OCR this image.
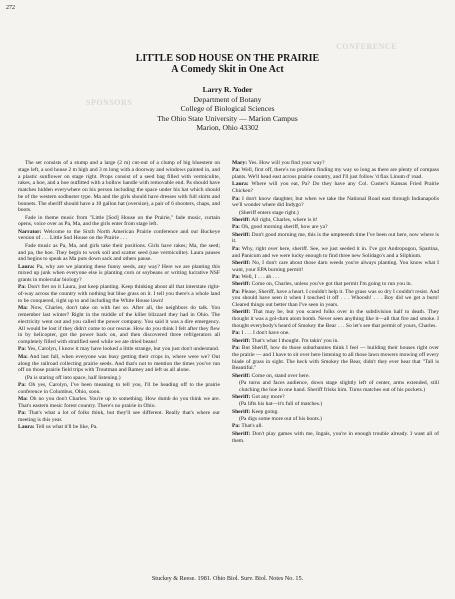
272
SPONSORS
CONFERENCE

LITTLE SOD HOUSE ON THE PRAIRIE

A Comedy Skit in One Act

Larry R. Yoder
Department of Botany
College of Biological Sciences
The Ohio State University — Marion Campus
Marion, Ohio 43302

The set consists of a stump and a large (2 m) cut-out of a clump of big bluestem on stage left, a sod house 2 m high and 3 m long with a doorway and windows painted in, and a plastic sunflower on stage right. Props consist of a seed bag filled with vermiculite, rakes, a hoe, and a hoe outfitted with a hollow handle with removable end. Pa should have matches hidden everywhere on his person including the space under his hat which should be of the western sodbuster type. Ma and the girls should have dresses with full skirts and bonnets. The sheriff should have a 10 gallon hat (oversize), a pair of 6 shooters, chaps, and boots.

Fade in theme music from "Little [Sod] House on the Prairie," fade music, curtain opens, voice over as Pa, Ma, and the girls enter from stage left.

Narrator: Welcome to the Sixth North American Prairie conference and our Buckeye version of . . . Little Sod House on the Prairie . . .

Fade music as Pa, Ma, and girls take their positions. Girls have rakes; Ma, the seed; and pa, the hoe. They begin to work soil and scatter seed (use vermiculite). Laura pauses and begins to speak as Ma puts down sack and others pause.

Laura: Pa, why are we planting these funny seeds, any way? Here we are planting this mixed up junk when everyone else is planting corn or soybeans or writing lucrative NSF grants in molecular biology?

Pa: Don't fret on it Laura, just keep planting. Keep thinking about all that interstate right-of-way across the country with nothing but blue grass on it. I tell you there's a whole land to be conquered, right up to and including the White House lawn!

Ma: Now, Charles, don't take on with her so. After all, the neighbors do talk. You remember last winter? Right in the middle of the killer blizzard they had in Ohio. The electricity went out and you called the power company. You said it was a dire emergency. All would be lost if they didn't come to our rescue. How do you think I felt after they flew in by helicopter, got the power back on, and then discovered three refrigerators all completely filled with stratified seed while we ate dried beans!

Pa: Yes, Carolyn, I know it may have looked a little strange, but you just don't understand.

Ma: And last fall, when everyone was busy getting their crops in, where were we? Out along the railroad collecting prairie seeds. And that's not to mention the times you've run off on those prairie field trips with Troutman and Ramey and left us all alone.

(Pa is staring off into space, half listening.)

Pa: Oh yes, Carolyn, I've been meaning to tell you, I'll be heading off to the prairie conference in Columbus, Ohio, soon.

Ma: Oh no you don't Charles. You're up to something. How dumb do you think we are. That's eastern mesic forest country. There's no prairie in Ohio.

Pa: That's what a lot of folks think, but they'll see different. Really that's where our meeting is this year.

Laura: Tell us what it'll be like, Pa.

Mary: Yes. How will you find your way?

Pa: Well, first off, there's no problem finding my way so long as there are plenty of compass plants. We'll head east across prairie country, and I'll just follow 'd flax Linum d' road.

Laura: Where will you eat, Pa? Do they have any Col. Custer's Kansas Fried Prairie Chicken?

Pa: I don't know daughter, but when we take the National Road east through Indianapolis we'll wonder where did Indygo?

(Sheriff enters stage right.)

Sheriff: All right, Charles, where is it!

Pa: Oh, good morning sheriff, how are ya?

Sheriff: Don't good morning me, this is the umpteenth time I've been out here, now where is it.

Pa: Why, right over here, sheriff. See, we just seeded it in. I've got Andropogon, Spartina, and Panicum and we were lucky enough to find three new Solidago's and a Silphium.

Sheriff: No, I don't care about those darn weeds you're always planting. You know what I want, your EPA burning permit!

Pa: Well, I . . . ah . . .

Sheriff: Come on, Charles, unless you've got that permit I'm going to run you in.

Pa: Please, Sheriff, have a heart. I couldn't help it. The grass was so dry I couldn't resist. And you should have seen it when I touched it off . . . Whoosh! . . . Boy did we get a burn! Cleared things out better than I've seen in years.

Sheriff: That may be, but you scared folks over in the subdivision half to death. They thought it was a gol-durn atom bomb. Never seen anything like it—all that fire and smoke. I thought everybody's heard of Smokey the Bear . . . So let's see that permit of yours, Charles.

Pa: I . . . I don't have one.

Sheriff: That's what I thought. I'm takin' you in.

Pa: But Sheriff, how do those suburbanites think I feel — building their houses right over the prairie — and I have to sit over here listening to all those lawn mowers mowing off every blade of grass in sight. The heck with Smokey the Bear, didn't they ever hear that "Tall is Beautiful."

Sheriff: Come on, stand over here.

(Pa turns and faces audience, down stage slightly left of center, arms extended, still clutching the hoe in one hand. Sheriff frisks him. Turns matches out of his pockets.)

Sheriff: Got any more?

(Pa lifts his hat—it's full of matches.)

Sheriff: Keep going.

(Pa digs some more out of his boots.)

Pa: That's all.

Sheriff: Don't play games with me, Ingals, you're in enough trouble already. I want all of them.

Stuckey & Reese. 1981. Ohio Biol. Surv. Biol. Notes No. 15.
